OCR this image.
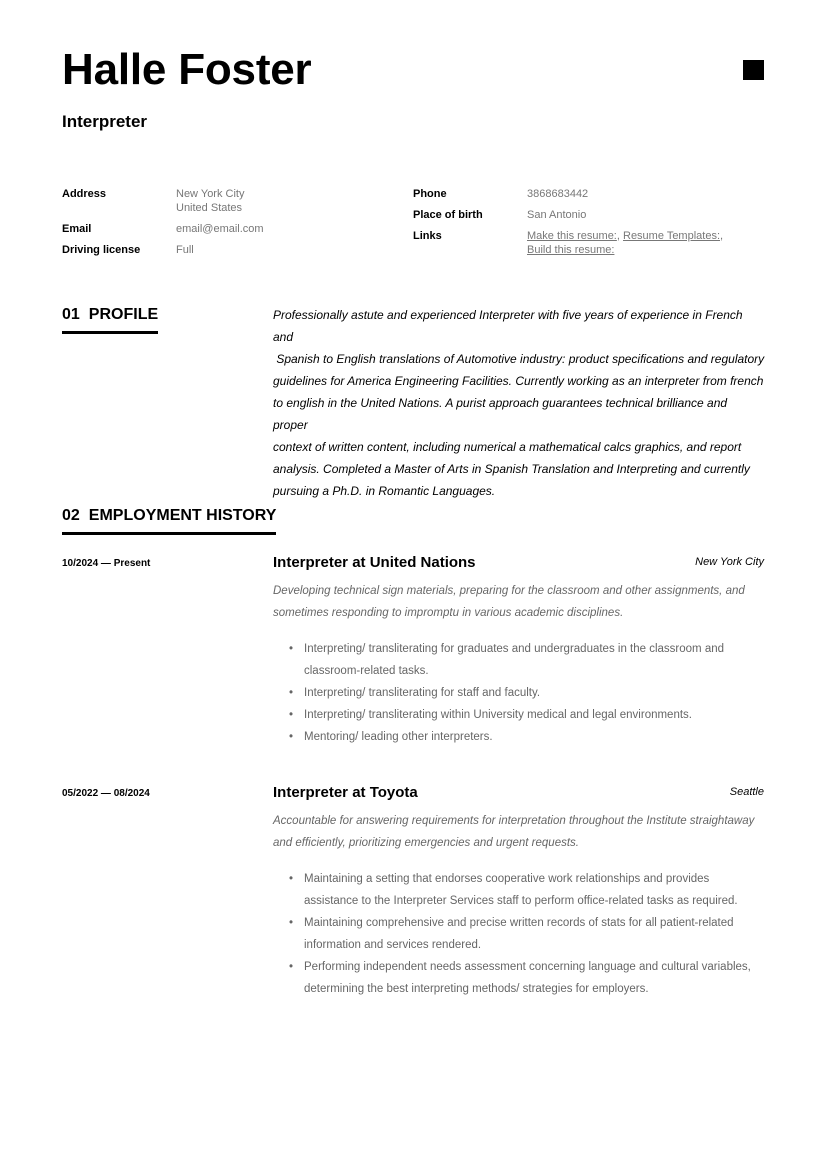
Halle Foster
Interpreter
Address	New York City
United States
Email	email@email.com
Driving license	Full
Phone	3868683442
Place of birth	San Antonio
Links	Make this resume:, Resume Templates:,
Build this resume:
01 PROFILE	Professionally astute and experienced Interpreter with five years of experience in French and
Spanish to English translations of Automotive industry: product specifications and regulatory
guidelines for America Engineering Facilities. Currently working as an interpreter from french
to english in the United Nations. A purist approach guarantees technical brilliance and proper
context of written content, including numerical a mathematical calcs graphics, and report
analysis. Completed a Master of Arts in Spanish Translation and Interpreting and currently
pursuing a Ph.D. in Romantic Languages.
02 EMPLOYMENT HISTORY
10/2024 — Present	Interpreter at United Nations	New York City
Developing technical sign materials, preparing for the classroom and other assignments, and
sometimes responding to impromptu in various academic disciplines.
• Interpreting/ transliterating for graduates and undergraduates in the classroom and
classroom-related tasks.
• Interpreting/ transliterating for staff and faculty.
• Interpreting/ transliterating within University medical and legal environments.
• Mentoring/ leading other interpreters.
05/2022 — 08/2024	Interpreter at Toyota	Seattle
Accountable for answering requirements for interpretation throughout the Institute straightaway
and efficiently, prioritizing emergencies and urgent requests.
• Maintaining a setting that endorses cooperative work relationships and provides
assistance to the Interpreter Services staff to perform office-related tasks as required.
• Maintaining comprehensive and precise written records of stats for all patient-related
information and services rendered.
• Performing independent needs assessment concerning language and cultural variables,
determining the best interpreting methods/ strategies for employers.
